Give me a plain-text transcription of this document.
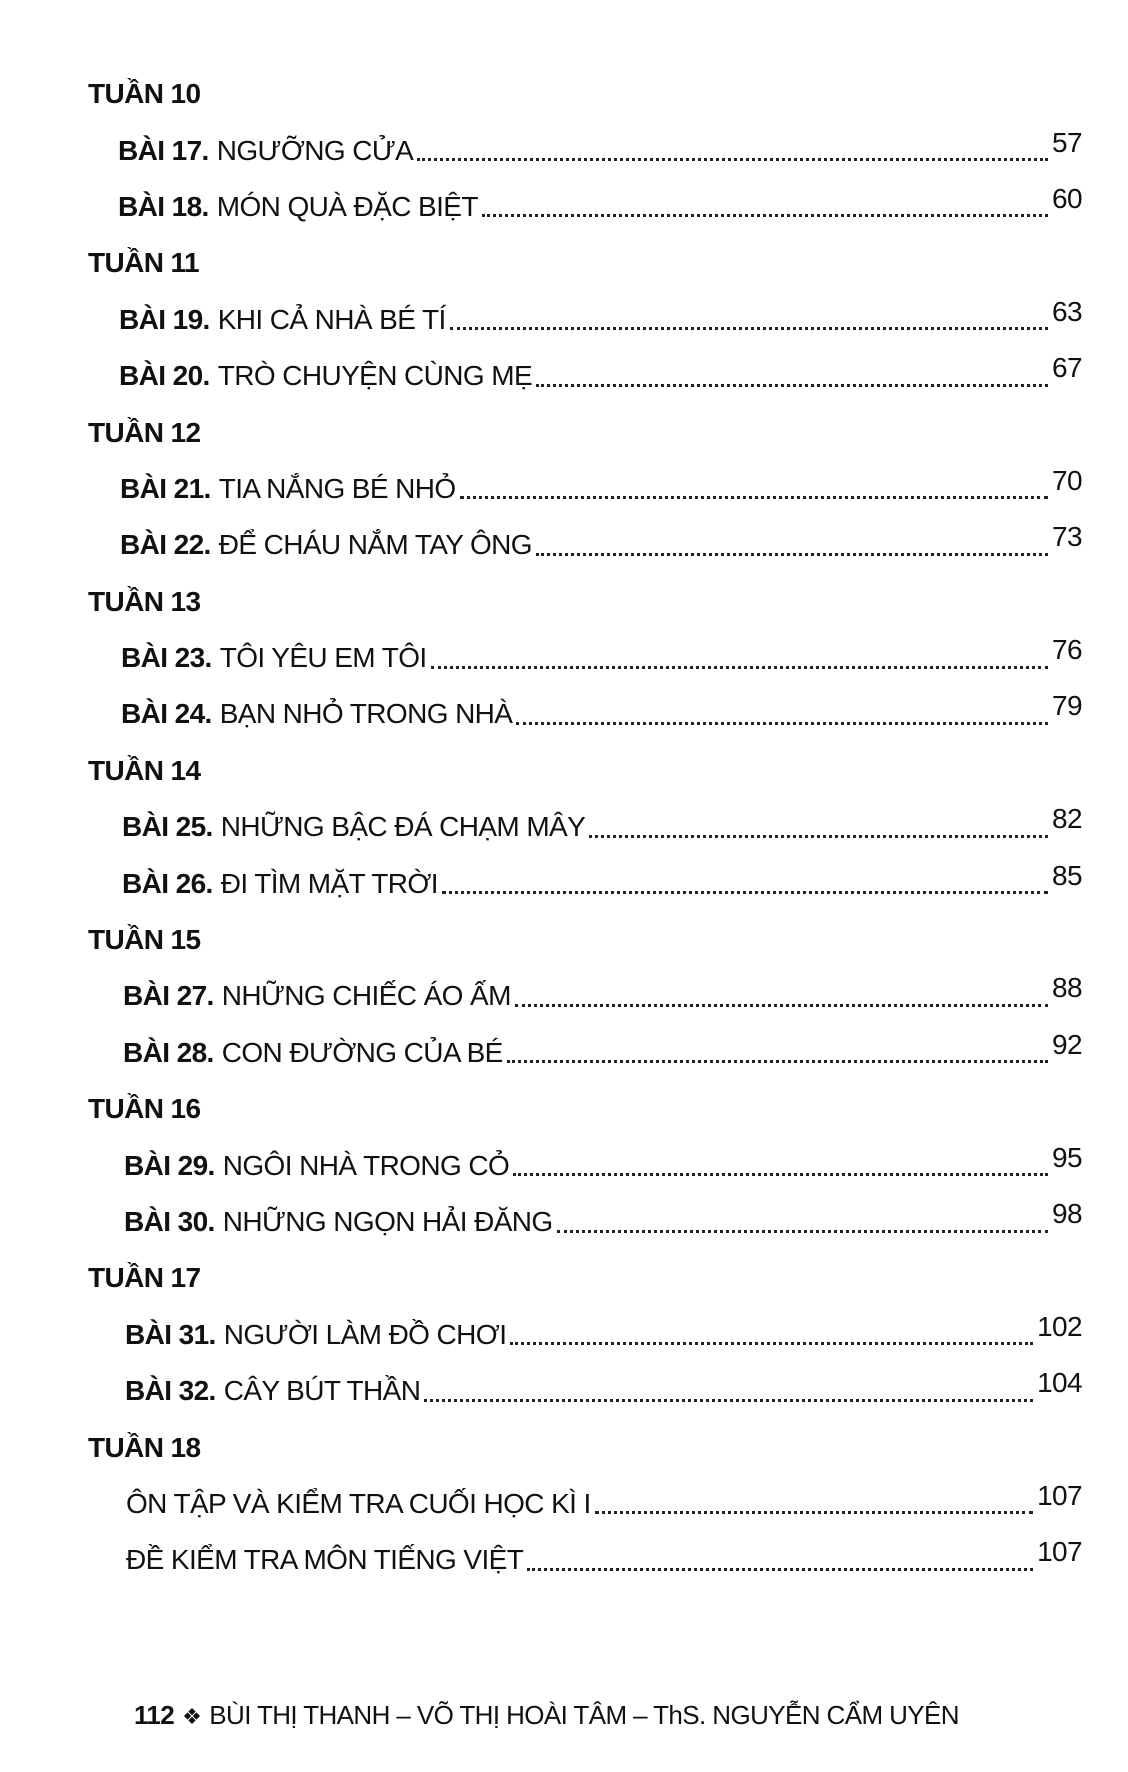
TUẦN 10
BÀI 17. NGƯỠNG CỬA	57
BÀI 18. MÓN QUÀ ĐẶC BIỆT	60
TUẦN 11
BÀI 19. KHI CẢ NHÀ BÉ TÍ	63
BÀI 20. TRÒ CHUYỆN CÙNG MẸ	67
TUẦN 12
BÀI 21. TIA NẮNG BÉ NHỎ	70
BÀI 22. ĐỂ CHÁU NẮM TAY ÔNG	73
TUẦN 13
BÀI 23. TÔI YÊU EM TÔI	76
BÀI 24. BẠN NHỎ TRONG NHÀ	79
TUẦN 14
BÀI 25. NHỮNG BẬC ĐÁ CHẠM MÂY	82
BÀI 26. ĐI TÌM MẶT TRỜI	85
TUẦN 15
BÀI 27. NHỮNG CHIẾC ÁO ẤM	88
BÀI 28. CON ĐƯỜNG CỦA BÉ	92
TUẦN 16
BÀI 29. NGÔI NHÀ TRONG CỎ	95
BÀI 30. NHỮNG NGỌN HẢI ĐĂNG	98
TUẦN 17
BÀI 31. NGƯỜI LÀM ĐỒ CHƠI	102
BÀI 32. CÂY BÚT THẦN	104
TUẦN 18
ÔN TẬP VÀ KIỂM TRA CUỐI HỌC KÌ I	107
ĐỀ KIỂM TRA MÔN TIẾNG VIỆT	107
112 ❖ BÙI THỊ THANH – VÕ THỊ HOÀI TÂM – ThS. NGUYỄN CẨM UYÊN
